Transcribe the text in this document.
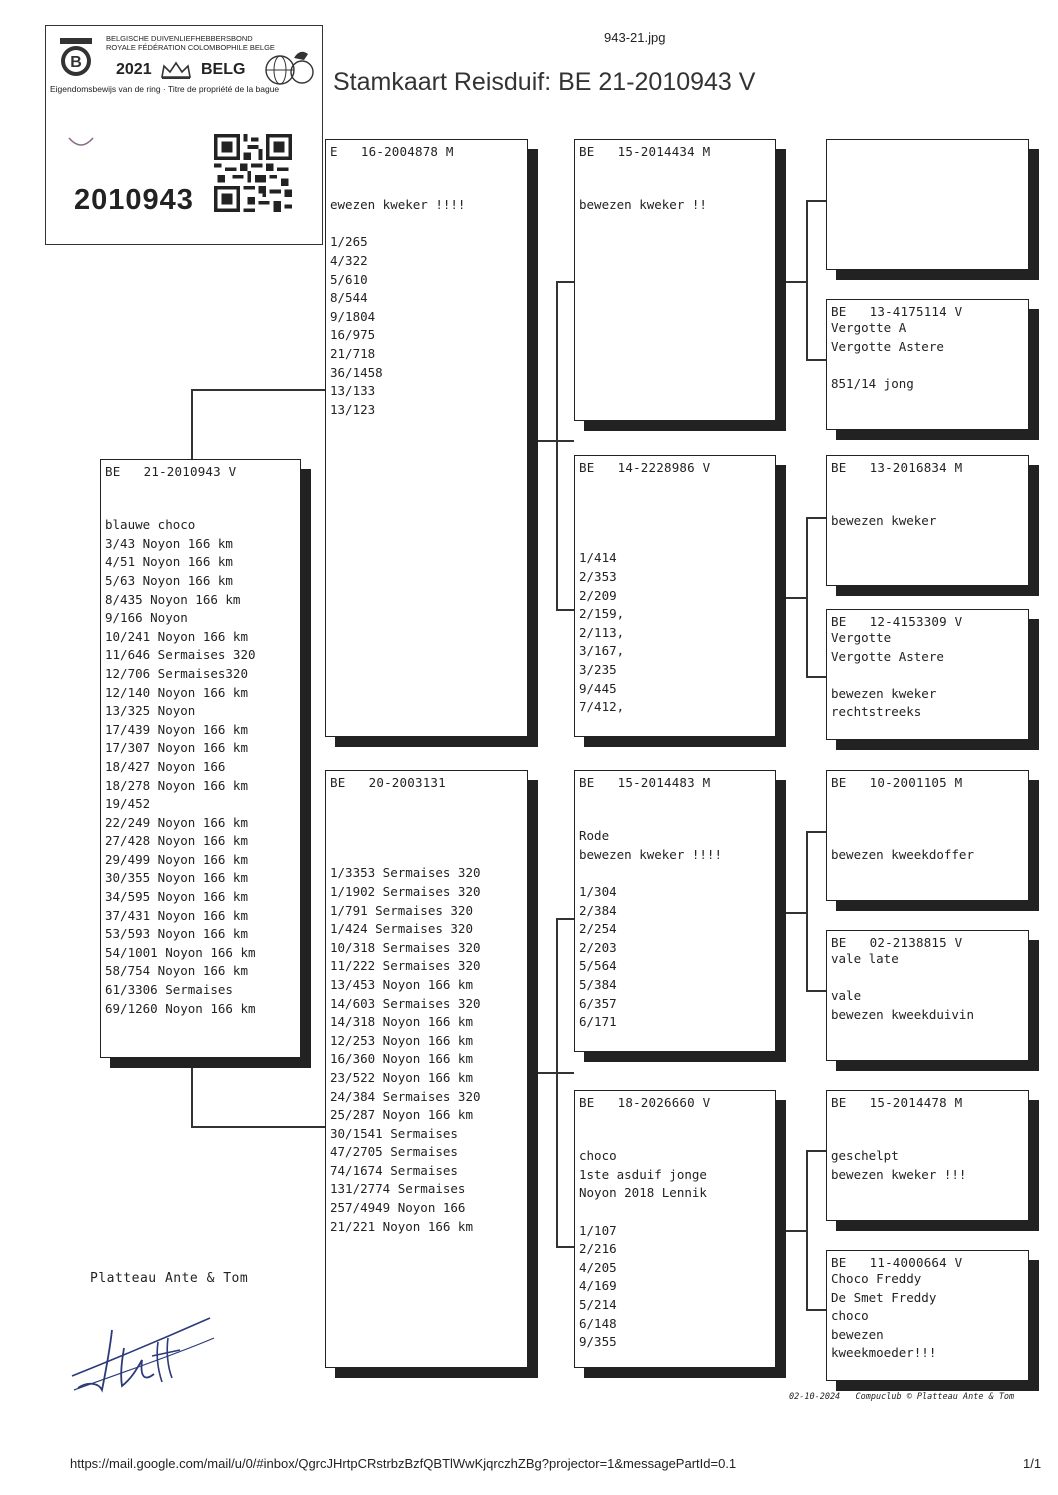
943-21.jpg
Stamkaart Reisduif: BE 21-2010943 V
B
BELGISCHE DUIVENLIEFHEBBERSBOND
ROYALE FÉDÉRATION COLOMBOPHILE BELGE
2021	BELG
Eigendomsbewijs van de ring · Titre de propriété de la bague
2010943
BE   21-2010943 V

blauwe choco
3/43 Noyon 166 km
4/51 Noyon 166 km
5/63 Noyon 166 km
8/435 Noyon 166 km
9/166 Noyon
10/241 Noyon 166 km
11/646 Sermaises 320
12/706 Sermaises320
12/140 Noyon 166 km
13/325 Noyon
17/439 Noyon 166 km
17/307 Noyon 166 km
18/427 Noyon 166
18/278 Noyon 166 km
19/452
22/249 Noyon 166 km
27/428 Noyon 166 km
29/499 Noyon 166 km
30/355 Noyon 166 km
34/595 Noyon 166 km
37/431 Noyon 166 km
53/593 Noyon 166 km
54/1001 Noyon 166 km
58/754 Noyon 166 km
61/3306 Sermaises
69/1260 Noyon 166 km
E   16-2004878 M

ewezen kweker !!!!

1/265
4/322
5/610
8/544
9/1804
16/975
21/718
36/1458
13/133
13/123
BE   20-2003131

1/3353 Sermaises 320
1/1902 Sermaises 320
1/791 Sermaises 320
1/424 Sermaises 320
10/318 Sermaises 320
11/222 Sermaises 320
13/453 Noyon 166 km
14/603 Sermaises 320
14/318 Noyon 166 km
12/253 Noyon 166 km
16/360 Noyon 166 km
23/522 Noyon 166 km
24/384 Sermaises 320
25/287 Noyon 166 km
30/1541 Sermaises
47/2705 Sermaises
74/1674 Sermaises
131/2774 Sermaises
257/4949 Noyon 166
21/221 Noyon 166 km
BE   15-2014434 M

bewezen kweker !!
BE   14-2228986 V

1/414
2/353
2/209
2/159,
2/113,
3/167,
3/235
9/445
7/412,
BE   15-2014483 M

Rode
bewezen kweker !!!!

1/304
2/384
2/254
2/203
5/564
5/384
6/357
6/171
BE   18-2026660 V

choco
1ste asduif jonge
Noyon 2018 Lennik

1/107
2/216
4/205
4/169
5/214
6/148
9/355
BE   13-4175114 V
Vergotte A
Vergotte Astere

851/14 jong
BE   13-2016834 M

bewezen kweker
BE   12-4153309 V
Vergotte
Vergotte Astere

bewezen kweker
rechtstreeks
BE   10-2001105 M

bewezen kweekdoffer
BE   02-2138815 V
vale late

vale
bewezen kweekduivin
BE   15-2014478 M

geschelpt
bewezen kweker !!!
BE   11-4000664 V
Choco Freddy
De Smet Freddy
choco
bewezen
kweekmoeder!!!
Platteau Ante & Tom
02-10-2024   Compuclub © Platteau Ante & Tom
https://mail.google.com/mail/u/0/#inbox/QgrcJHrtpCRstrbzBzfQBTlWwKjqrczhZBg?projector=1&messagePartId=0.1	1/1
